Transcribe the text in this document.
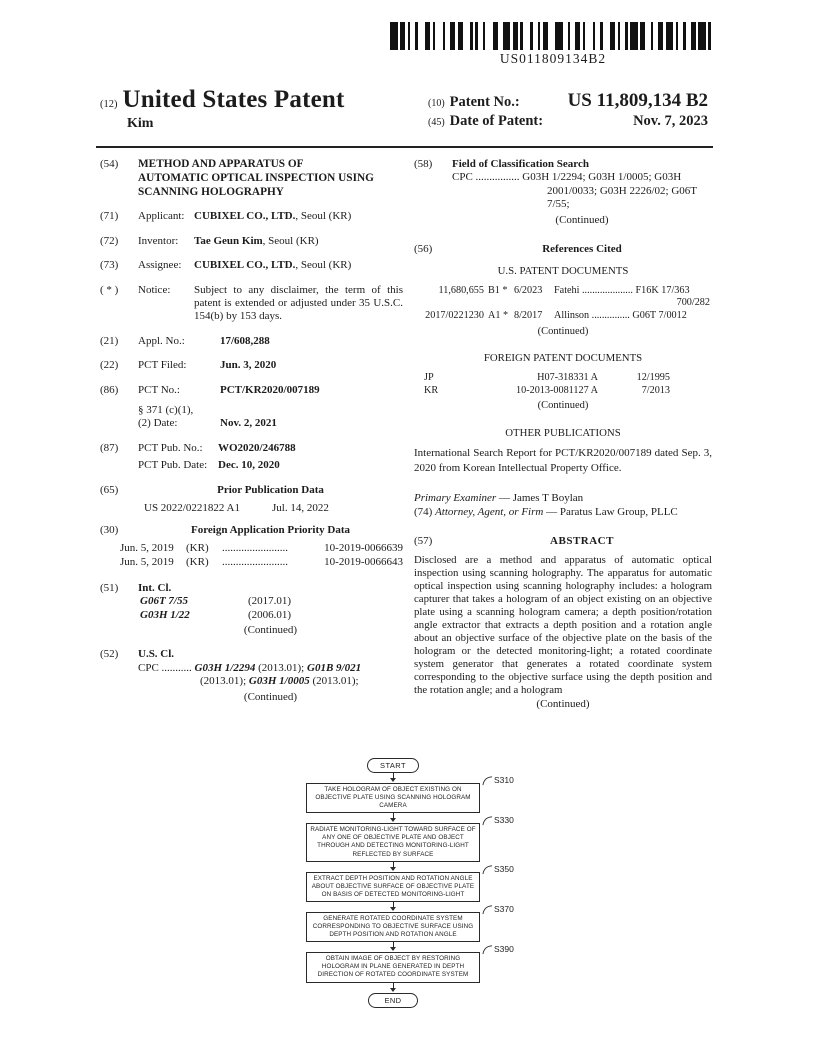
US011809134B2
(12) United States Patent
Kim
(10) Patent No.:	US 11,809,134 B2
(45) Date of Patent:	Nov. 7, 2023
(54)	METHOD AND APPARATUS OF
AUTOMATIC OPTICAL INSPECTION USING
SCANNING HOLOGRAPHY
(71)	Applicant: CUBIXEL CO., LTD., Seoul (KR)
(72)	Inventor:	Tae Geun Kim, Seoul (KR)
(73)	Assignee:	CUBIXEL CO., LTD., Seoul (KR)
( * )	Notice:	Subject to any disclaimer, the term of this patent is extended or adjusted under 35 U.S.C. 154(b) by 153 days.
(21)	Appl. No.:	17/608,288
(22)	PCT Filed:	Jun. 3, 2020
(86)	PCT No.:	PCT/KR2020/007189
§ 371 (c)(1),
(2) Date:	Nov. 2, 2021
(87)	PCT Pub. No.:	WO2020/246788
PCT Pub. Date: Dec. 10, 2020
(65)	Prior Publication Data
US 2022/0221822 A1	Jul. 14, 2022
(30)	Foreign Application Priority Data
Jun. 5, 2019	(KR)	........................	10-2019-0066639
Jun. 5, 2019	(KR)	........................	10-2019-0066643
(51)	Int. Cl.
G06T 7/55	(2017.01)
G03H 1/22	(2006.01)
(Continued)
(52)	U.S. Cl.
CPC ........... G03H 1/2294 (2013.01); G01B 9/021 (2013.01); G03H 1/0005 (2013.01);
(Continued)
(58)	Field of Classification Search
CPC ................ G03H 1/2294; G03H 1/0005; G03H 2001/0033; G03H 2226/02; G06T 7/55;
(Continued)
(56)	References Cited
U.S. PATENT DOCUMENTS
11,680,655 B1 * 6/2023	Fatehi .................... F16K 17/363
700/282
2017/0221230 A1 * 8/2017	Allinson ............... G06T 7/0012
(Continued)
FOREIGN PATENT DOCUMENTS
JP	H07-318331 A	12/1995
KR	10-2013-0081127 A	7/2013
(Continued)
OTHER PUBLICATIONS
International Search Report for PCT/KR2020/007189 dated Sep. 3, 2020 from Korean Intellectual Property Office.
Primary Examiner — James T Boylan
(74) Attorney, Agent, or Firm — Paratus Law Group, PLLC
(57)	ABSTRACT
Disclosed are a method and apparatus of automatic optical inspection using scanning holography. The apparatus for automatic optical inspection using scanning holography includes: a hologram capturer that takes a hologram of an object existing on an objective plate using a scanning hologram camera; a depth position/rotation angle extractor that extracts a depth position and a rotation angle about an objective surface of the objective plate on the basis of the hologram or the detected monitoring-light; a rotated coordinate system generator that generates a rotated coordinate system corresponding to the objective surface using the depth position and the rotation angle; and a hologram
(Continued)
START
TAKE HOLOGRAM OF OBJECT EXISTING ON OBJECTIVE PLATE USING SCANNING HOLOGRAM CAMERA
S310
RADIATE MONITORING-LIGHT TOWARD SURFACE OF ANY ONE OF OBJECTIVE PLATE AND OBJECT THROUGH AND DETECTING MONITORING-LIGHT REFLECTED BY SURFACE
S330
EXTRACT DEPTH POSITION AND ROTATION ANGLE ABOUT OBJECTIVE SURFACE OF OBJECTIVE PLATE ON BASIS OF DETECTED MONITORING-LIGHT
S350
GENERATE ROTATED COORDINATE SYSTEM CORRESPONDING TO OBJECTIVE SURFACE USING DEPTH POSITION AND ROTATION ANGLE
S370
OBTAIN IMAGE OF OBJECT BY RESTORING HOLOGRAM IN PLANE GENERATED IN DEPTH DIRECTION OF ROTATED COORDINATE SYSTEM
S390
END
